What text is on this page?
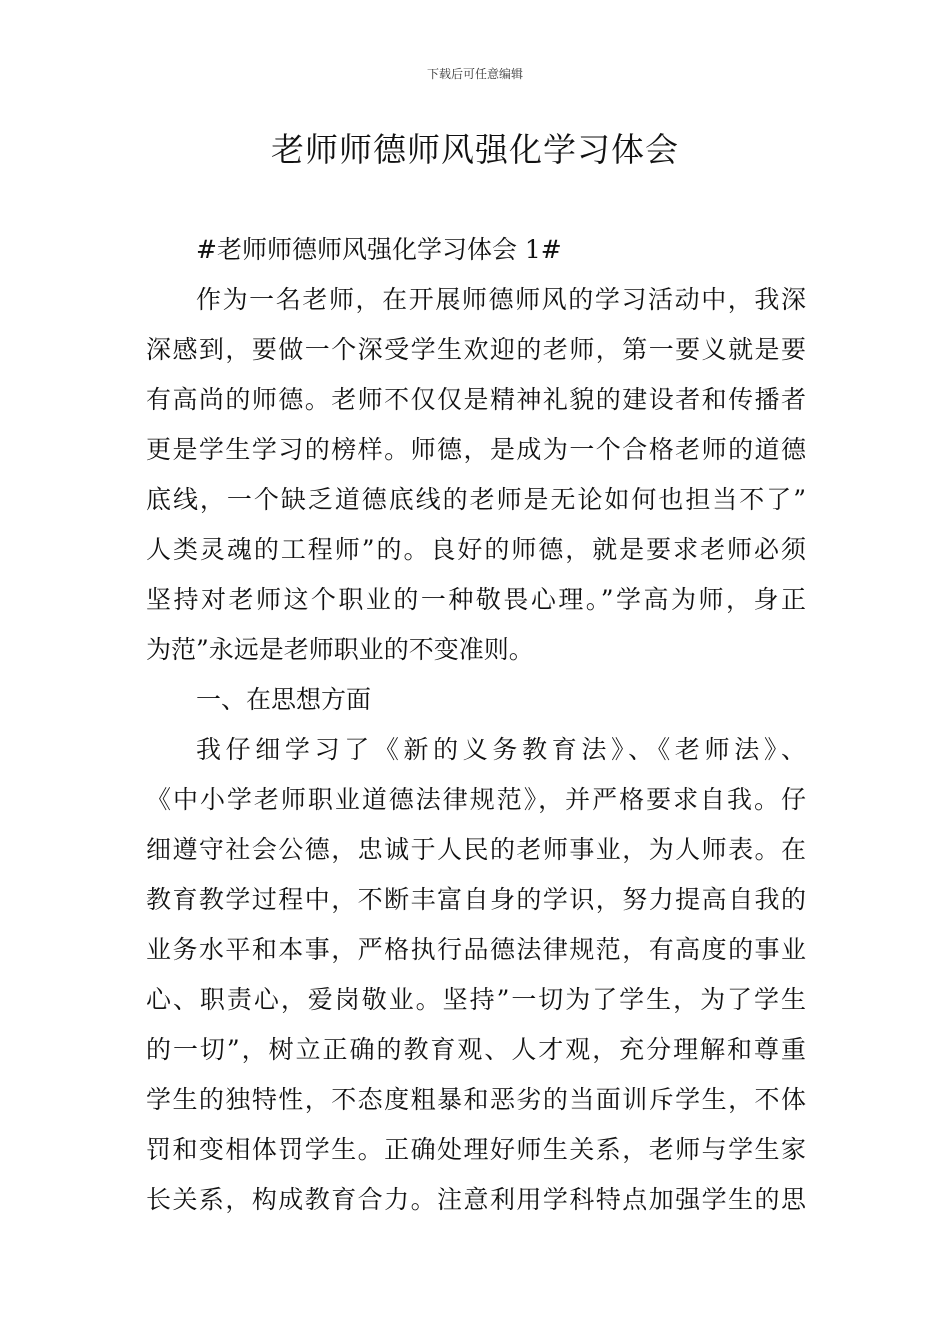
下载后可任意编辑
老师师德师风强化学习体会
#老师师德师风强化学习体会 1#
作为一名老师，在开展师德师风的学习活动中，我深
深感到，要做一个深受学生欢迎的老师，第一要义就是要
有高尚的师德。老师不仅仅是精神礼貌的建设者和传播者
更是学生学习的榜样。师德，是成为一个合格老师的道德
底线，一个缺乏道德底线的老师是无论如何也担当不了”
人类灵魂的工程师”的。良好的师德，就是要求老师必须
坚持对老师这个职业的一种敬畏心理。”学高为师，身正
为范”永远是老师职业的不变准则。
一、在思想方面
我仔细学习了《新的义务教育法》、《老师法》、
《中小学老师职业道德法律规范》，并严格要求自我。仔
细遵守社会公德，忠诚于人民的老师事业，为人师表。在
教育教学过程中，不断丰富自身的学识，努力提高自我的
业务水平和本事，严格执行品德法律规范，有高度的事业
心、职责心，爱岗敬业。坚持”一切为了学生，为了学生
的一切”，树立正确的教育观、人才观，充分理解和尊重
学生的独特性，不态度粗暴和恶劣的当面训斥学生，不体
罚和变相体罚学生。正确处理好师生关系，老师与学生家
长关系，构成教育合力。注意利用学科特点加强学生的思
